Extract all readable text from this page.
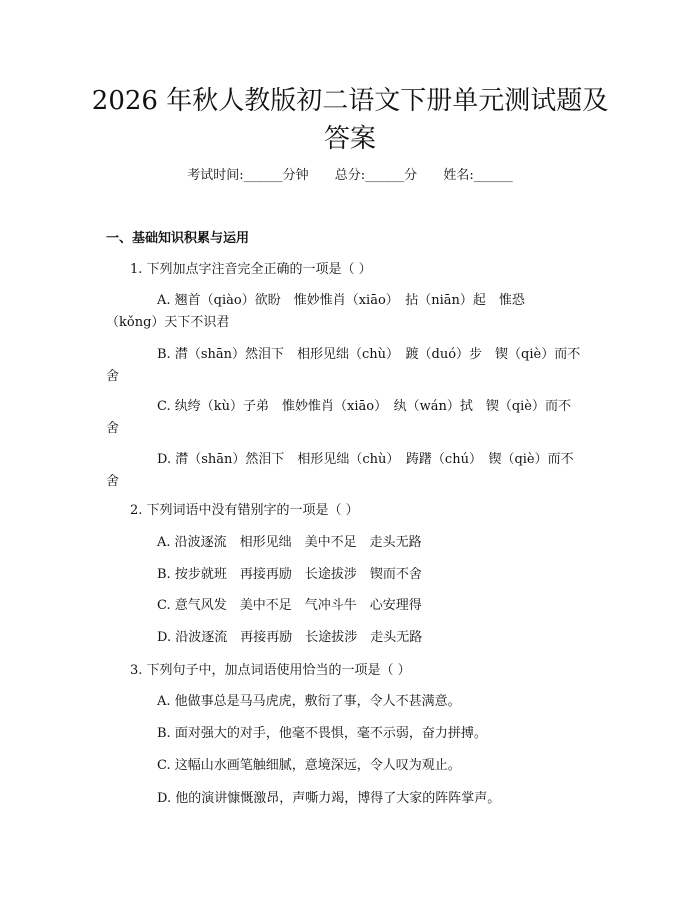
2026 年秋人教版初二语文下册单元测试题及
答案
考试时间:______分钟 总分:______分 姓名:______
一、基础知识积累与运用
1. 下列加点字注音完全正确的一项是（ ）
A. 翘首（qiào）欲盼　惟妙惟肖（xiāo）　拈（niān）起　惟恐
（kǒng）天下不识君
B. 潸（shān）然泪下　相形见绌（chù）　踱（duó）步　锲（qiè）而不
舍
C. 纨绔（kù）子弟　惟妙惟肖（xiāo）　纨（wán）拭　锲（qiè）而不
舍
D. 潸（shān）然泪下　相形见绌（chù）　踌躇（chú）　锲（qiè）而不
舍
2. 下列词语中没有错别字的一项是（ ）
A. 沿波逐流　相形见绌　美中不足　走头无路
B. 按步就班　再接再励　长途拔涉　锲而不舍
C. 意气风发　美中不足　气冲斗牛　心安理得
D. 沿波逐流　再接再励　长途拔涉　走头无路
3. 下列句子中，加点词语使用恰当的一项是（ ）
A. 他做事总是马马虎虎，敷衍了事，令人不甚满意。
B. 面对强大的对手，他毫不畏惧，毫不示弱，奋力拼搏。
C. 这幅山水画笔触细腻，意境深远，令人叹为观止。
D. 他的演讲慷慨激昂，声嘶力竭，博得了大家的阵阵掌声。
